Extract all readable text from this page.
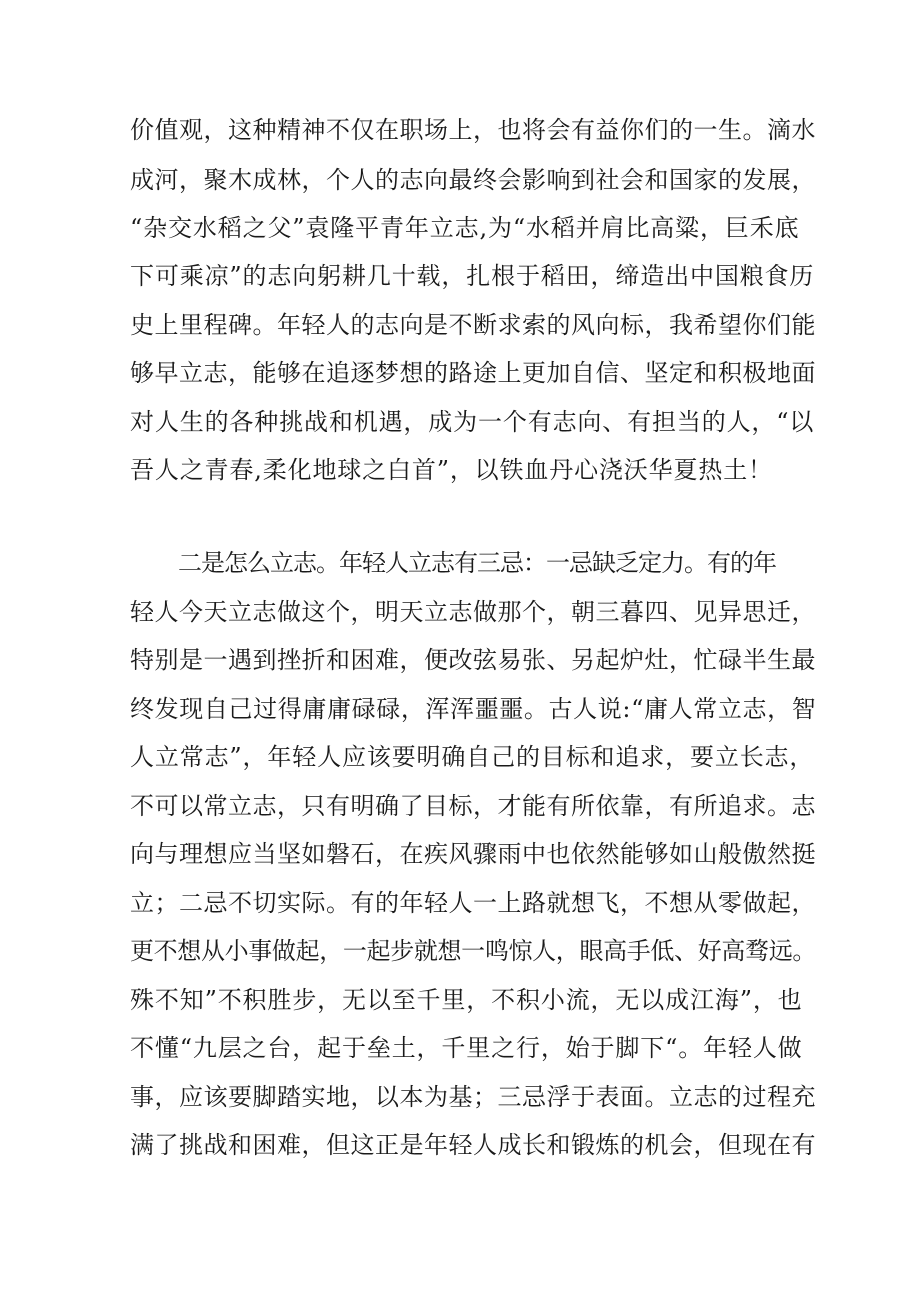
价值观，这种精神不仅在职场上，也将会有益你们的一生。滴水
成河，聚木成林，个人的志向最终会影响到社会和国家的发展，
“杂交水稻之父”袁隆平青年立志,为“水稻并肩比高粱，巨禾底
下可乘凉”的志向躬耕几十载，扎根于稻田，缔造出中国粮食历
史上里程碑。年轻人的志向是不断求索的风向标，我希望你们能
够早立志，能够在追逐梦想的路途上更加自信、坚定和积极地面
对人生的各种挑战和机遇，成为一个有志向、有担当的人，“以
吾人之青春,柔化地球之白首”，以铁血丹心浇沃华夏热土！
二是怎么立志。年轻人立志有三忌：一忌缺乏定力。有的年
轻人今天立志做这个，明天立志做那个，朝三暮四、见异思迁，
特别是一遇到挫折和困难，便改弦易张、另起炉灶，忙碌半生最
终发现自己过得庸庸碌碌，浑浑噩噩。古人说:“庸人常立志，智
人立常志”，年轻人应该要明确自己的目标和追求，要立长志，
不可以常立志，只有明确了目标，才能有所依靠，有所追求。志
向与理想应当坚如磐石，在疾风骤雨中也依然能够如山般傲然挺
立；二忌不切实际。有的年轻人一上路就想飞，不想从零做起，
更不想从小事做起，一起步就想一鸣惊人，眼高手低、好高骛远。
殊不知”不积胜步，无以至千里，不积小流，无以成江海”，也
不懂“九层之台，起于垒土，千里之行，始于脚下“。年轻人做
事，应该要脚踏实地，以本为基；三忌浮于表面。立志的过程充
满了挑战和困难，但这正是年轻人成长和锻炼的机会，但现在有
